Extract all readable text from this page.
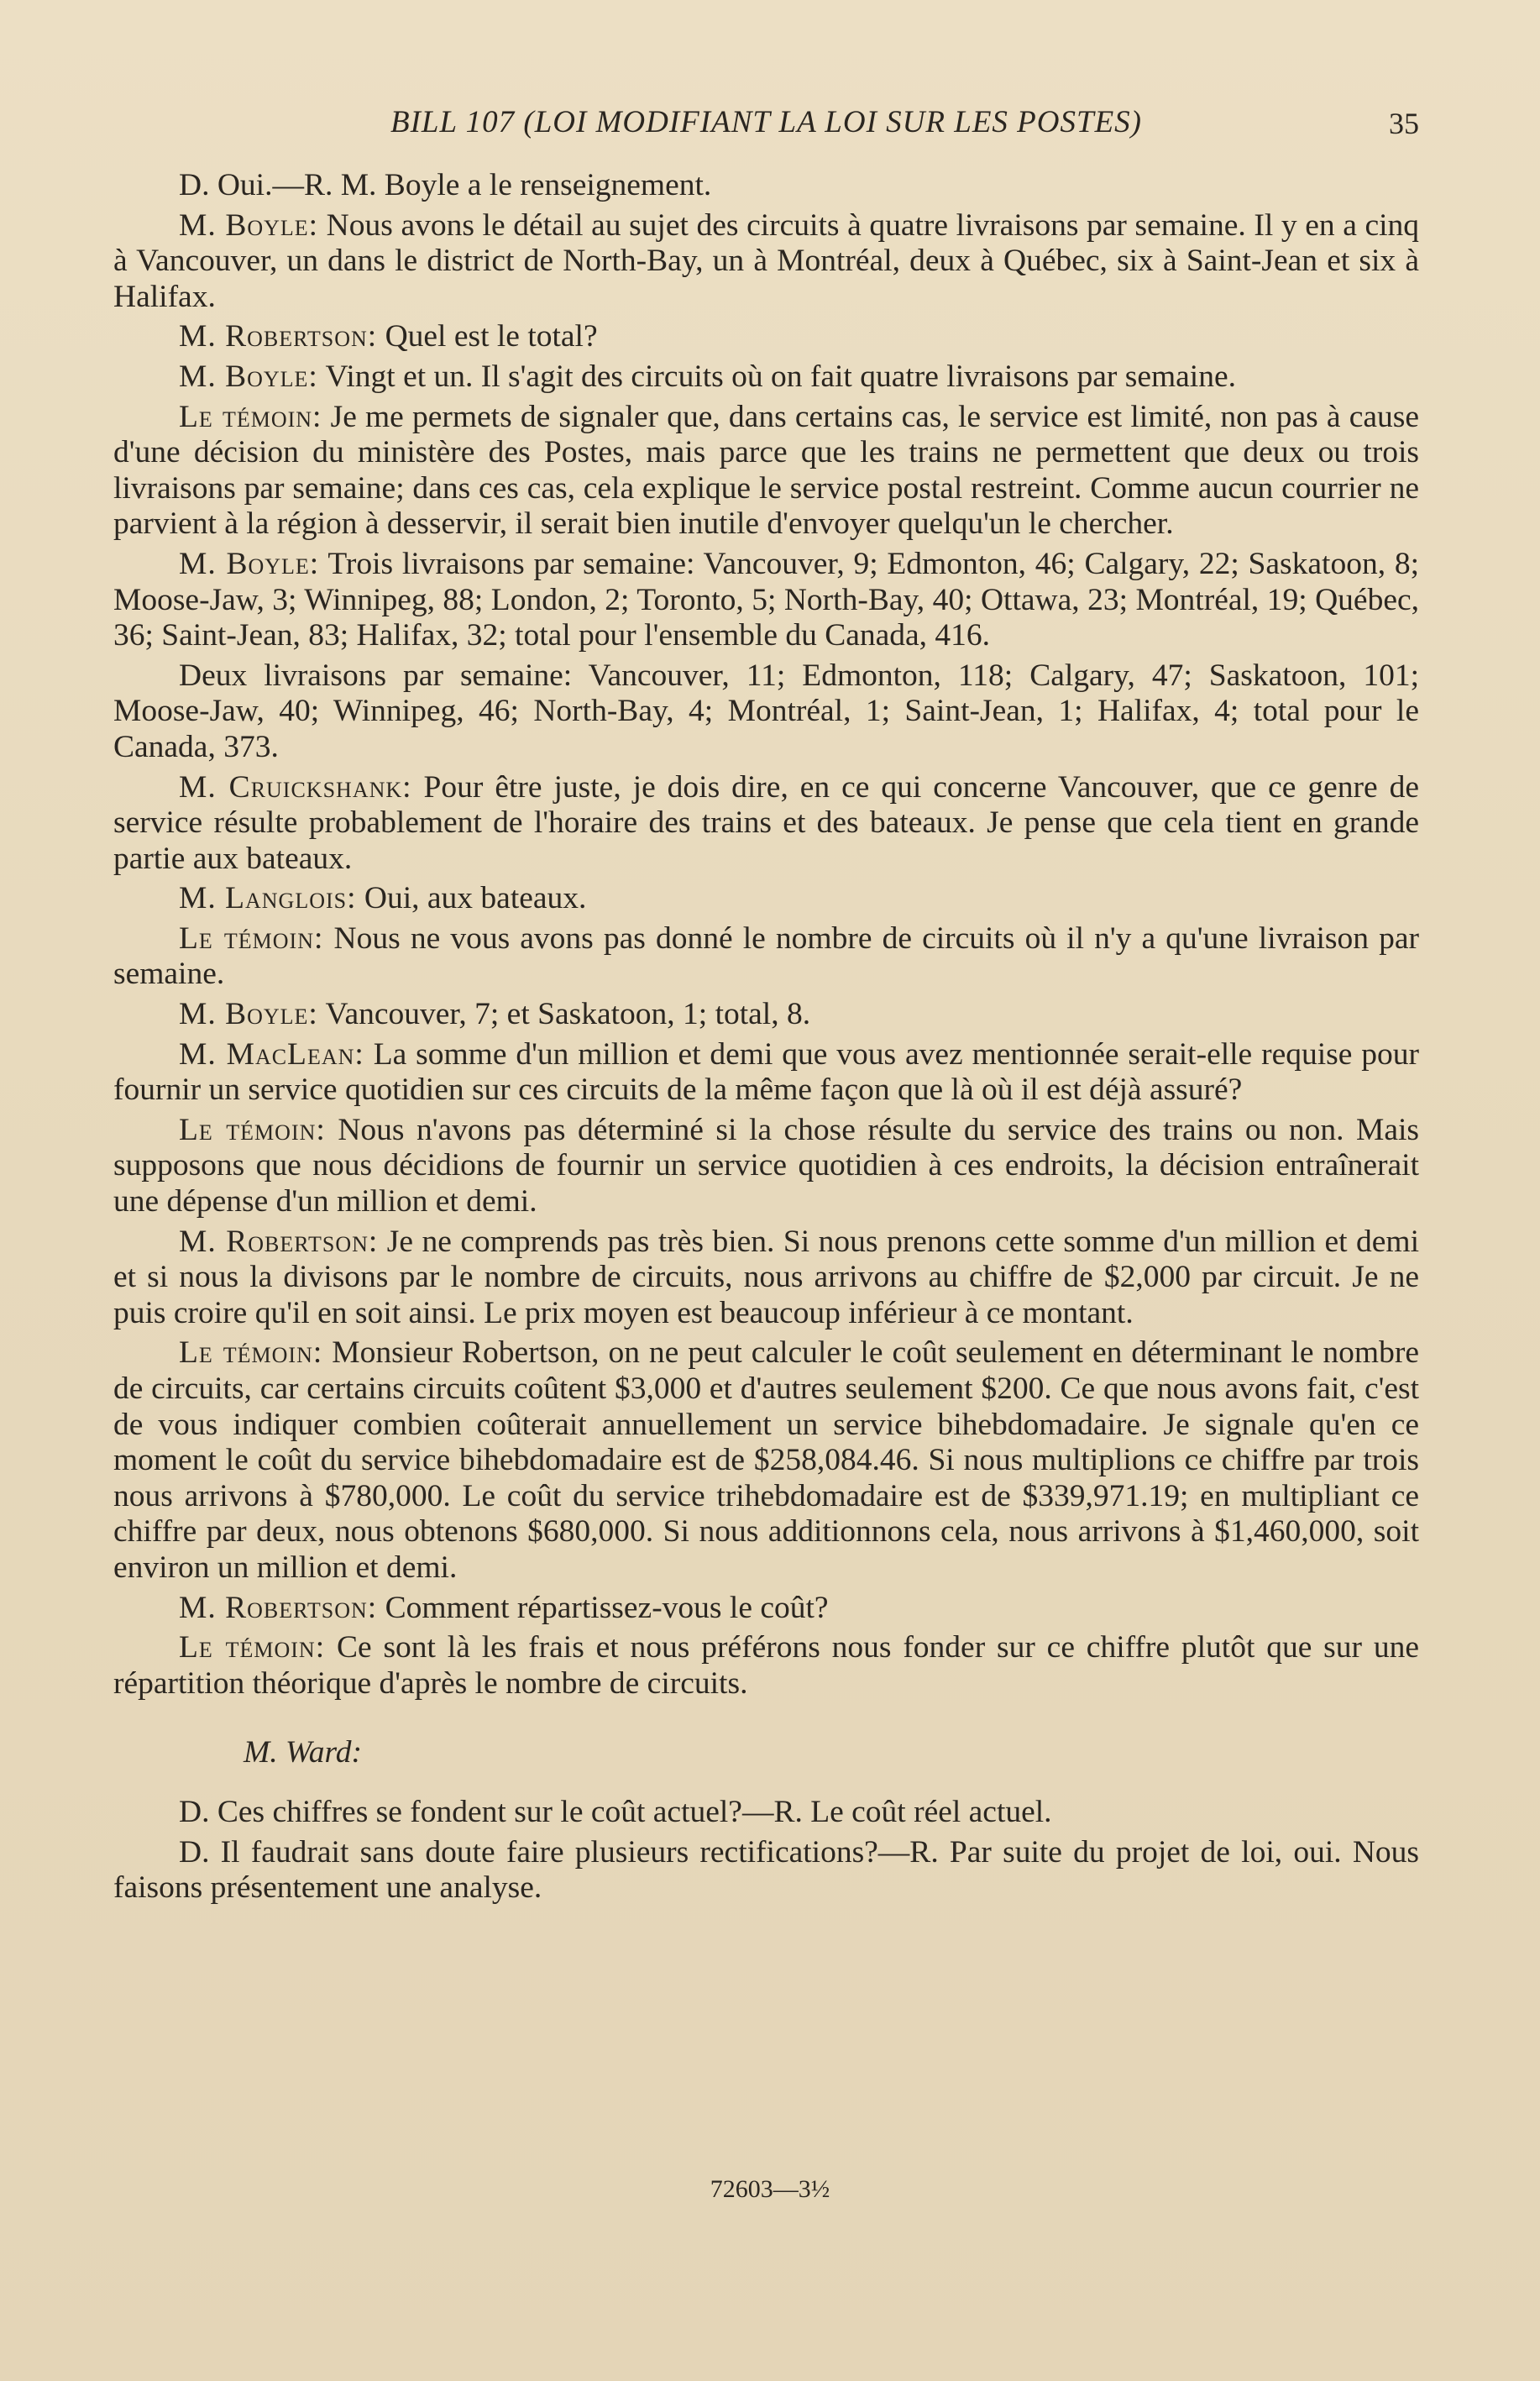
BILL 107 (LOI MODIFIANT LA LOI SUR LES POSTES)	35

D. Oui.—R. M. Boyle a le renseignement.

M. Boyle: Nous avons le détail au sujet des circuits à quatre livraisons par semaine. Il y en a cinq à Vancouver, un dans le district de North-Bay, un à Montréal, deux à Québec, six à Saint-Jean et six à Halifax.

M. Robertson: Quel est le total?

M. Boyle: Vingt et un. Il s'agit des circuits où on fait quatre livraisons par semaine.

Le témoin: Je me permets de signaler que, dans certains cas, le service est limité, non pas à cause d'une décision du ministère des Postes, mais parce que les trains ne permettent que deux ou trois livraisons par semaine; dans ces cas, cela explique le service postal restreint. Comme aucun courrier ne parvient à la région à desservir, il serait bien inutile d'envoyer quelqu'un le chercher.

M. Boyle: Trois livraisons par semaine: Vancouver, 9; Edmonton, 46; Calgary, 22; Saskatoon, 8; Moose-Jaw, 3; Winnipeg, 88; London, 2; Toronto, 5; North-Bay, 40; Ottawa, 23; Montréal, 19; Québec, 36; Saint-Jean, 83; Halifax, 32; total pour l'ensemble du Canada, 416.

Deux livraisons par semaine: Vancouver, 11; Edmonton, 118; Calgary, 47; Saskatoon, 101; Moose-Jaw, 40; Winnipeg, 46; North-Bay, 4; Montréal, 1; Saint-Jean, 1; Halifax, 4; total pour le Canada, 373.

M. Cruickshank: Pour être juste, je dois dire, en ce qui concerne Vancouver, que ce genre de service résulte probablement de l'horaire des trains et des bateaux. Je pense que cela tient en grande partie aux bateaux.

M. Langlois: Oui, aux bateaux.

Le témoin: Nous ne vous avons pas donné le nombre de circuits où il n'y a qu'une livraison par semaine.

M. Boyle: Vancouver, 7; et Saskatoon, 1; total, 8.

M. MacLean: La somme d'un million et demi que vous avez mentionnée serait-elle requise pour fournir un service quotidien sur ces circuits de la même façon que là où il est déjà assuré?

Le témoin: Nous n'avons pas déterminé si la chose résulte du service des trains ou non. Mais supposons que nous décidions de fournir un service quotidien à ces endroits, la décision entraînerait une dépense d'un million et demi.

M. Robertson: Je ne comprends pas très bien. Si nous prenons cette somme d'un million et demi et si nous la divisons par le nombre de circuits, nous arrivons au chiffre de $2,000 par circuit. Je ne puis croire qu'il en soit ainsi. Le prix moyen est beaucoup inférieur à ce montant.

Le témoin: Monsieur Robertson, on ne peut calculer le coût seulement en déterminant le nombre de circuits, car certains circuits coûtent $3,000 et d'autres seulement $200. Ce que nous avons fait, c'est de vous indiquer combien coûterait annuellement un service bihebdomadaire. Je signale qu'en ce moment le coût du service bihebdomadaire est de $258,084.46. Si nous multiplions ce chiffre par trois nous arrivons à $780,000. Le coût du service trihebdomadaire est de $339,971.19; en multipliant ce chiffre par deux, nous obtenons $680,000. Si nous additionnons cela, nous arrivons à $1,460,000, soit environ un million et demi.

M. Robertson: Comment répartissez-vous le coût?

Le témoin: Ce sont là les frais et nous préférons nous fonder sur ce chiffre plutôt que sur une répartition théorique d'après le nombre de circuits.

M. Ward:

D. Ces chiffres se fondent sur le coût actuel?—R. Le coût réel actuel.

D. Il faudrait sans doute faire plusieurs rectifications?—R. Par suite du projet de loi, oui. Nous faisons présentement une analyse.

72603—3½
